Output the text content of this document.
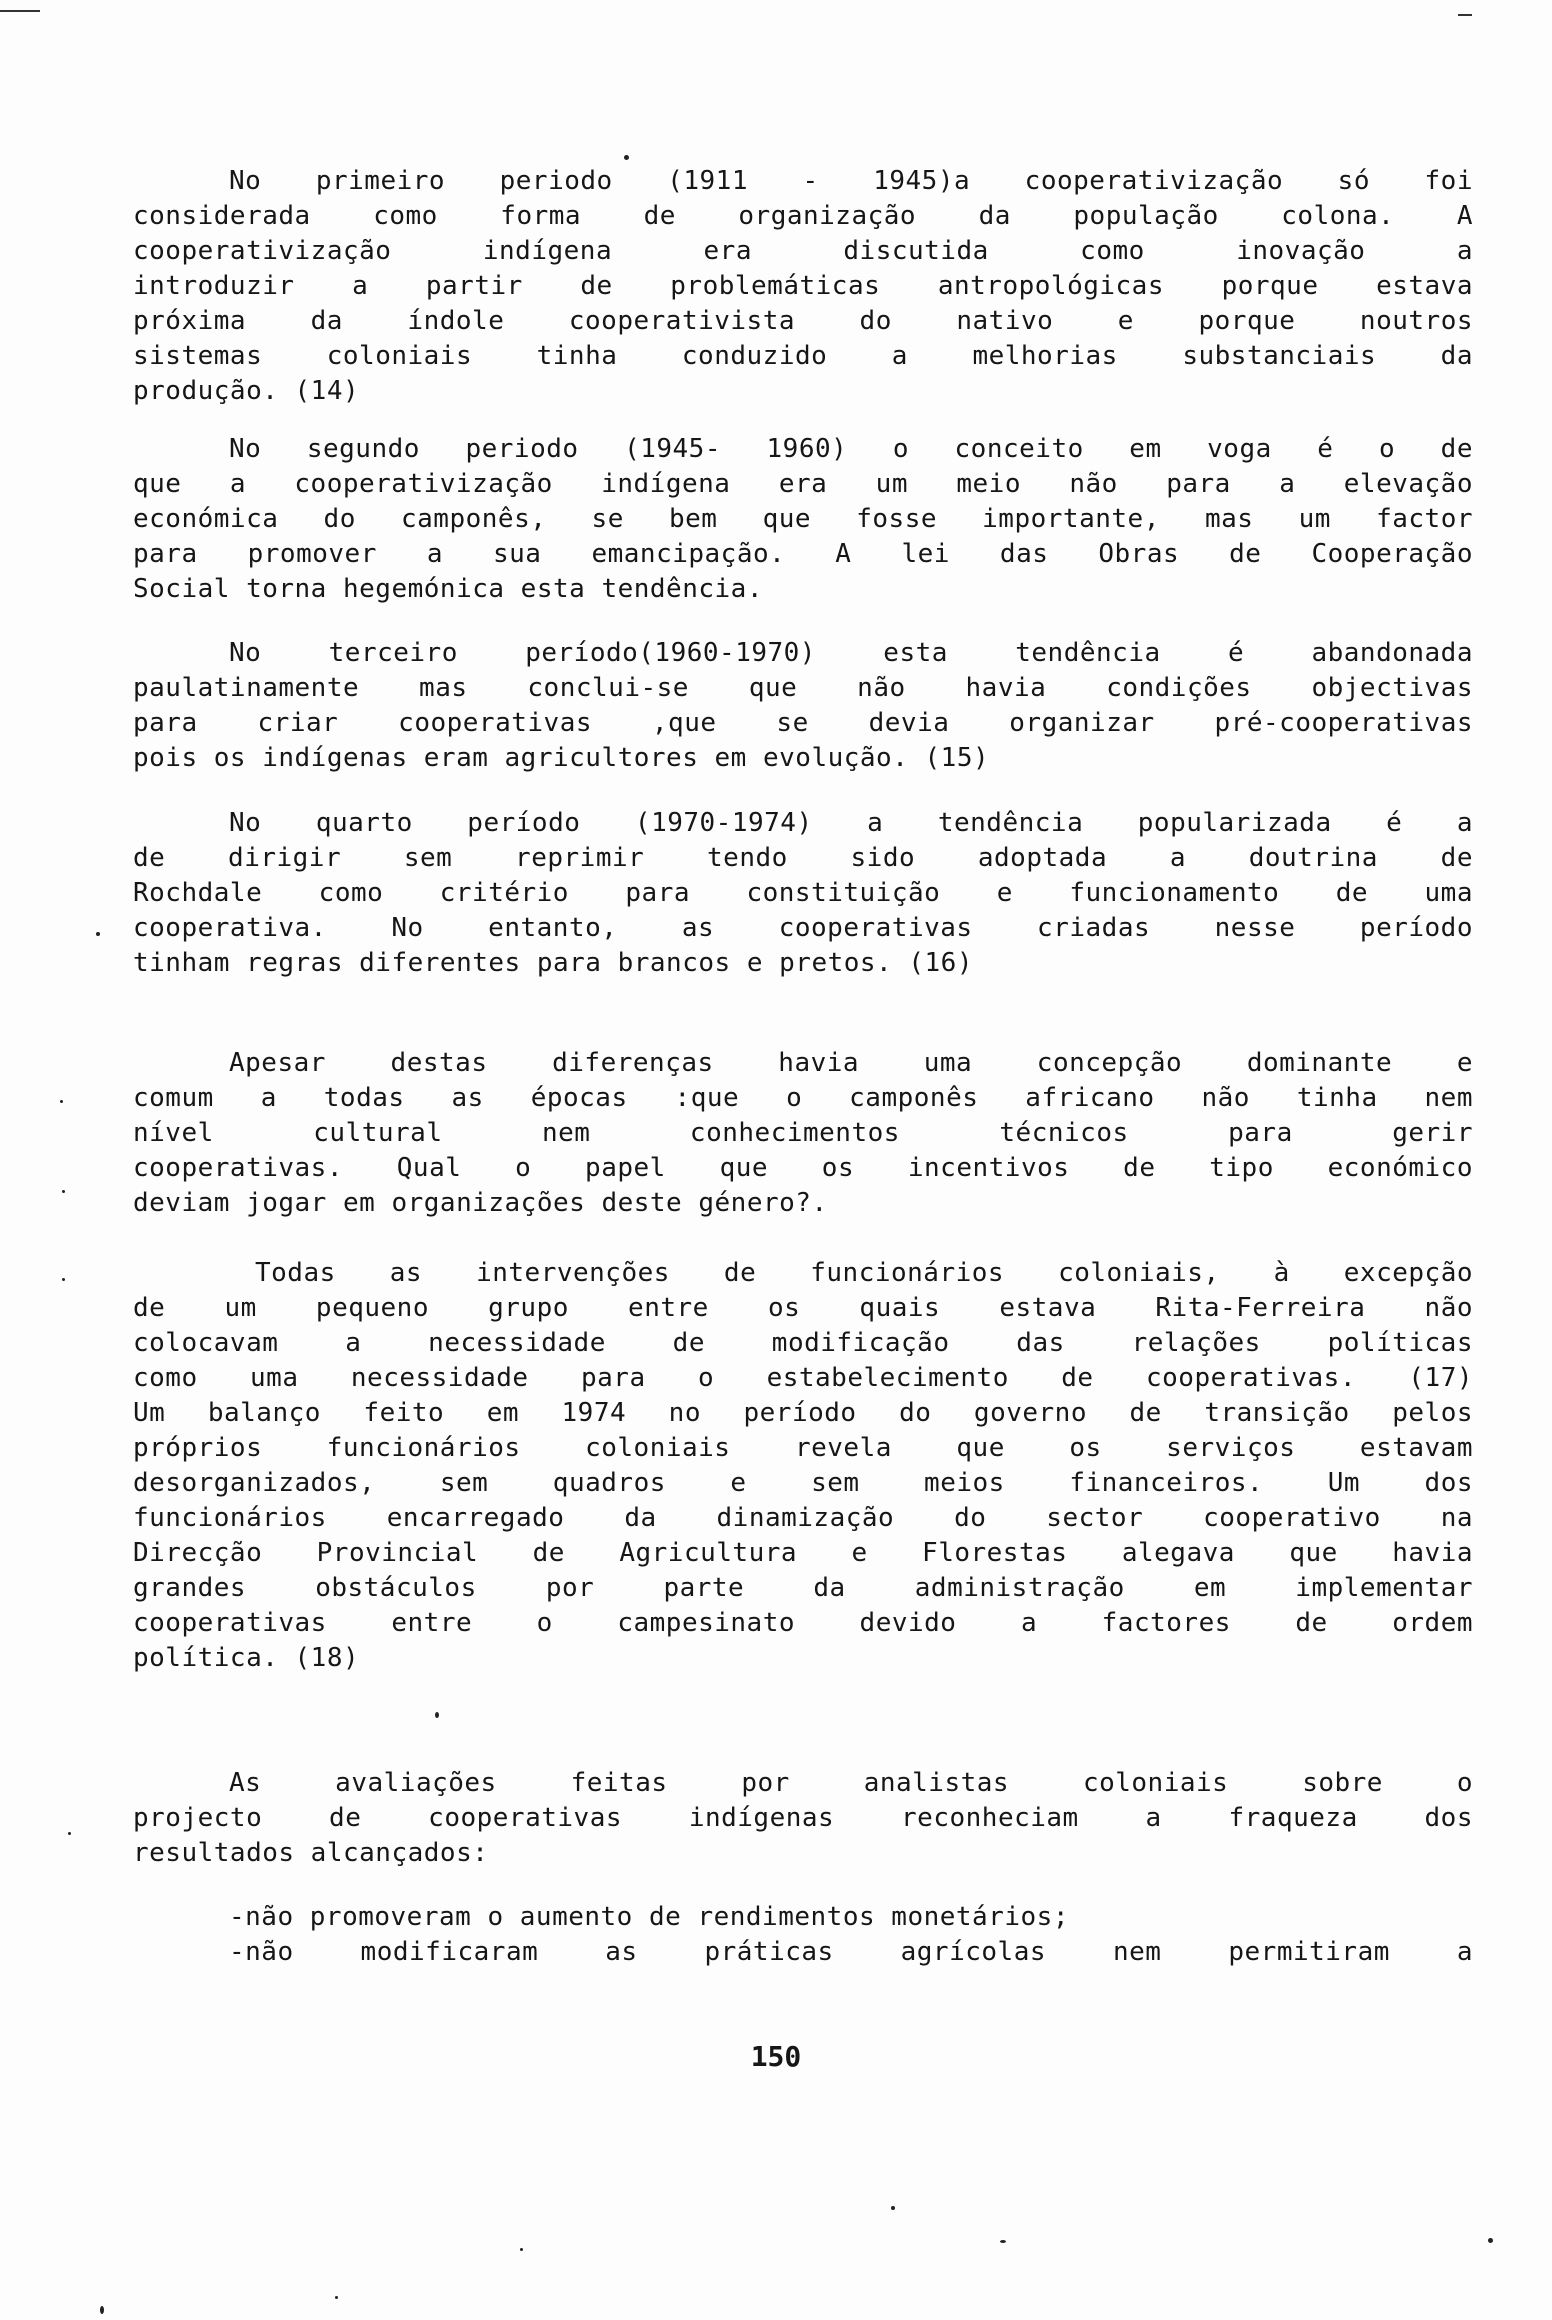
No primeiro periodo (1911 - 1945)a cooperativização só foi
considerada como forma de organização da população colona. A
cooperativização indígena era discutida como inovação a
introduzir a partir de problemáticas antropológicas porque estava
próxima da índole cooperativista do nativo e porque noutros
sistemas coloniais tinha conduzido a melhorias substanciais da
produção. (14)
No segundo periodo (1945- 1960) o conceito em voga é o de
que a cooperativização indígena era um meio não para a elevação
económica do camponês, se bem que fosse importante, mas um factor
para promover a sua emancipação. A lei das Obras de Cooperação
Social torna hegemónica esta tendência.
No terceiro período(1960-1970) esta tendência é abandonada
paulatinamente mas conclui-se que não havia condições objectivas
para criar cooperativas ,que se devia organizar pré-cooperativas
pois os indígenas eram agricultores em evolução. (15)
No quarto período (1970-1974) a tendência popularizada é a
de dirigir sem reprimir tendo sido adoptada a doutrina de
Rochdale como critério para constituição e funcionamento de uma
cooperativa. No entanto, as cooperativas criadas nesse período
tinham regras diferentes para brancos e pretos. (16)
Apesar destas diferenças havia uma concepção dominante e
comum a todas as épocas :que o camponês africano não tinha nem
nível cultural nem conhecimentos técnicos para gerir
cooperativas. Qual o papel que os incentivos de tipo económico
deviam jogar em organizações deste género?.
Todas as intervenções de funcionários coloniais, à excepção
de um pequeno grupo entre os quais estava Rita-Ferreira não
colocavam a necessidade de modificação das relações políticas
como uma necessidade para o estabelecimento de cooperativas. (17)
Um balanço feito em 1974 no período do governo de transição pelos
próprios funcionários coloniais revela que os serviços estavam
desorganizados, sem quadros e sem meios financeiros. Um dos
funcionários encarregado da dinamização do sector cooperativo na
Direcção Provincial de Agricultura e Florestas alegava que havia
grandes obstáculos por parte da administração em implementar
cooperativas entre o campesinato devido a factores de ordem
política. (18)
As avaliações feitas por analistas coloniais sobre o
projecto de cooperativas indígenas reconheciam a fraqueza dos
resultados alcançados:
-não promoveram o aumento de rendimentos monetários;
-não modificaram as práticas agrícolas nem permitiram a
150
